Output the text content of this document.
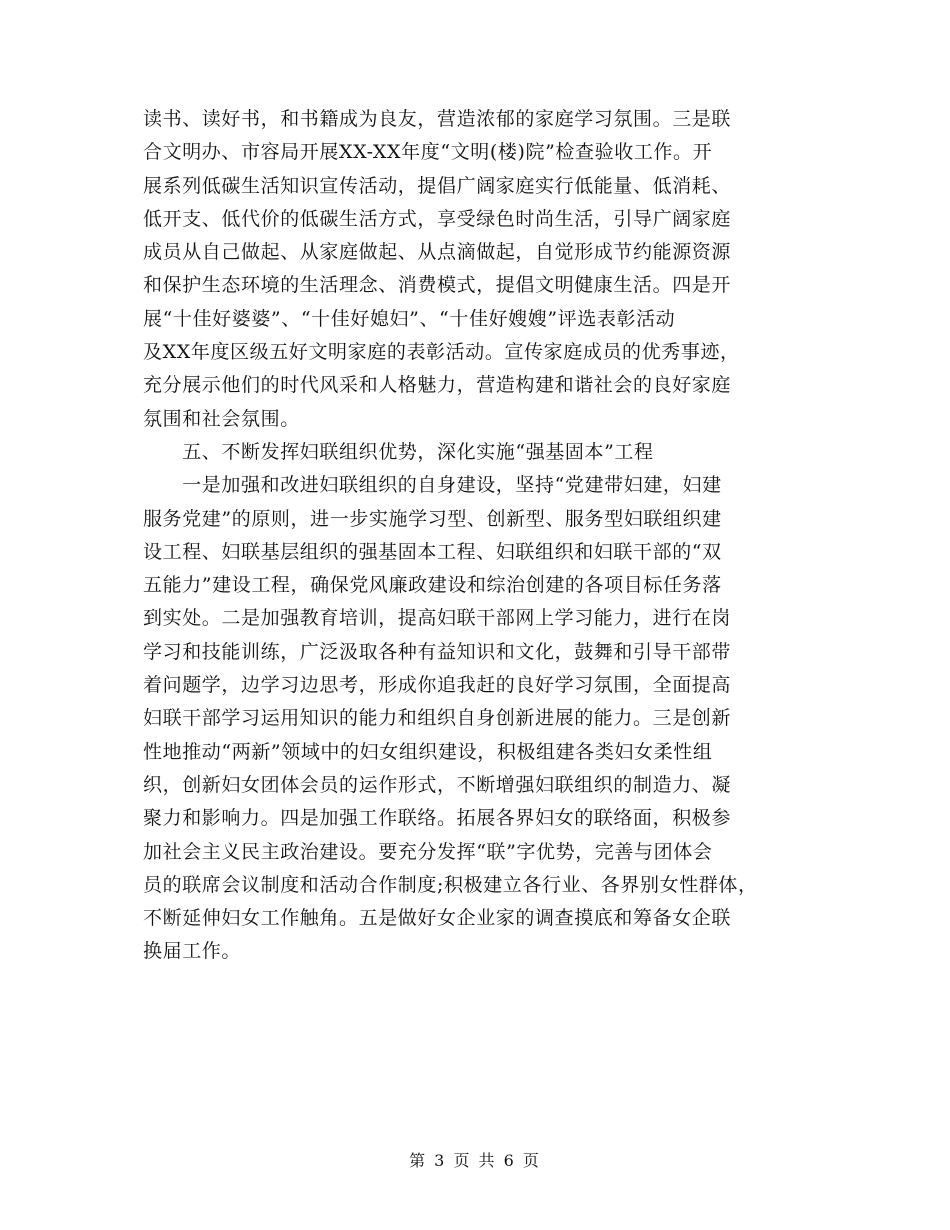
读书、读好书，和书籍成为良友，营造浓郁的家庭学习氛围。三是联
合文明办、市容局开展XX-XX年度“文明(楼)院”检查验收工作。开
展系列低碳生活知识宣传活动，提倡广阔家庭实行低能量、低消耗、
低开支、低代价的低碳生活方式，享受绿色时尚生活，引导广阔家庭
成员从自己做起、从家庭做起、从点滴做起，自觉形成节约能源资源
和保护生态环境的生活理念、消费模式，提倡文明健康生活。四是开
展“十佳好婆婆”、“十佳好媳妇”、“十佳好嫂嫂”评选表彰活动
及XX年度区级五好文明家庭的表彰活动。宣传家庭成员的优秀事迹，
充分展示他们的时代风采和人格魅力，营造构建和谐社会的良好家庭
氛围和社会氛围。
　　五、不断发挥妇联组织优势，深化实施“强基固本”工程
　　一是加强和改进妇联组织的自身建设，坚持“党建带妇建，妇建
服务党建”的原则，进一步实施学习型、创新型、服务型妇联组织建
设工程、妇联基层组织的强基固本工程、妇联组织和妇联干部的“双
五能力”建设工程，确保党风廉政建设和综治创建的各项目标任务落
到实处。二是加强教育培训，提高妇联干部网上学习能力，进行在岗
学习和技能训练，广泛汲取各种有益知识和文化，鼓舞和引导干部带
着问题学，边学习边思考，形成你追我赶的良好学习氛围，全面提高
妇联干部学习运用知识的能力和组织自身创新进展的能力。三是创新
性地推动“两新”领域中的妇女组织建设，积极组建各类妇女柔性组
织，创新妇女团体会员的运作形式，不断增强妇联组织的制造力、凝
聚力和影响力。四是加强工作联络。拓展各界妇女的联络面，积极参
加社会主义民主政治建设。要充分发挥“联”字优势，完善与团体会
员的联席会议制度和活动合作制度;积极建立各行业、各界别女性群体，
不断延伸妇女工作触角。五是做好女企业家的调查摸底和筹备女企联
换届工作。
第 3 页 共 6 页
